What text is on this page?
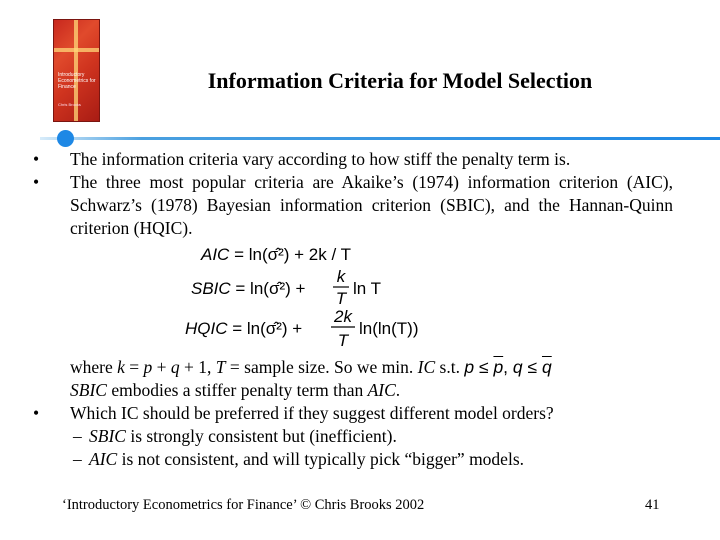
Introductory Econometrics for Finance
Chris Brooks
Information Criteria for Model Selection

• The information criteria vary according to how stiff the penalty term is.

• The three most popular criteria are Akaike’s (1974) information criterion (AIC), Schwarz’s (1978) Bayesian information criterion (SBIC), and the Hannan-Quinn criterion (HQIC).

AIC = ln(σ̂²) + 2k / T
SBIC = ln(σ̂²) +
k
T
ln T
HQIC = ln(σ̂²) +
2k
T
ln(ln(T))
where k = p + q + 1, T = sample size. So we min. IC s.t. $p \le \overline{p}$, $q \le \overline{q}$
SBIC embodies a stiffer penalty term than AIC.

• Which IC should be preferred if they suggest different model orders?

– SBIC is strongly consistent but (inefficient).
– AIC is not consistent, and will typically pick “bigger” models.
‘Introductory Econometrics for Finance’ © Chris Brooks 2002	41
